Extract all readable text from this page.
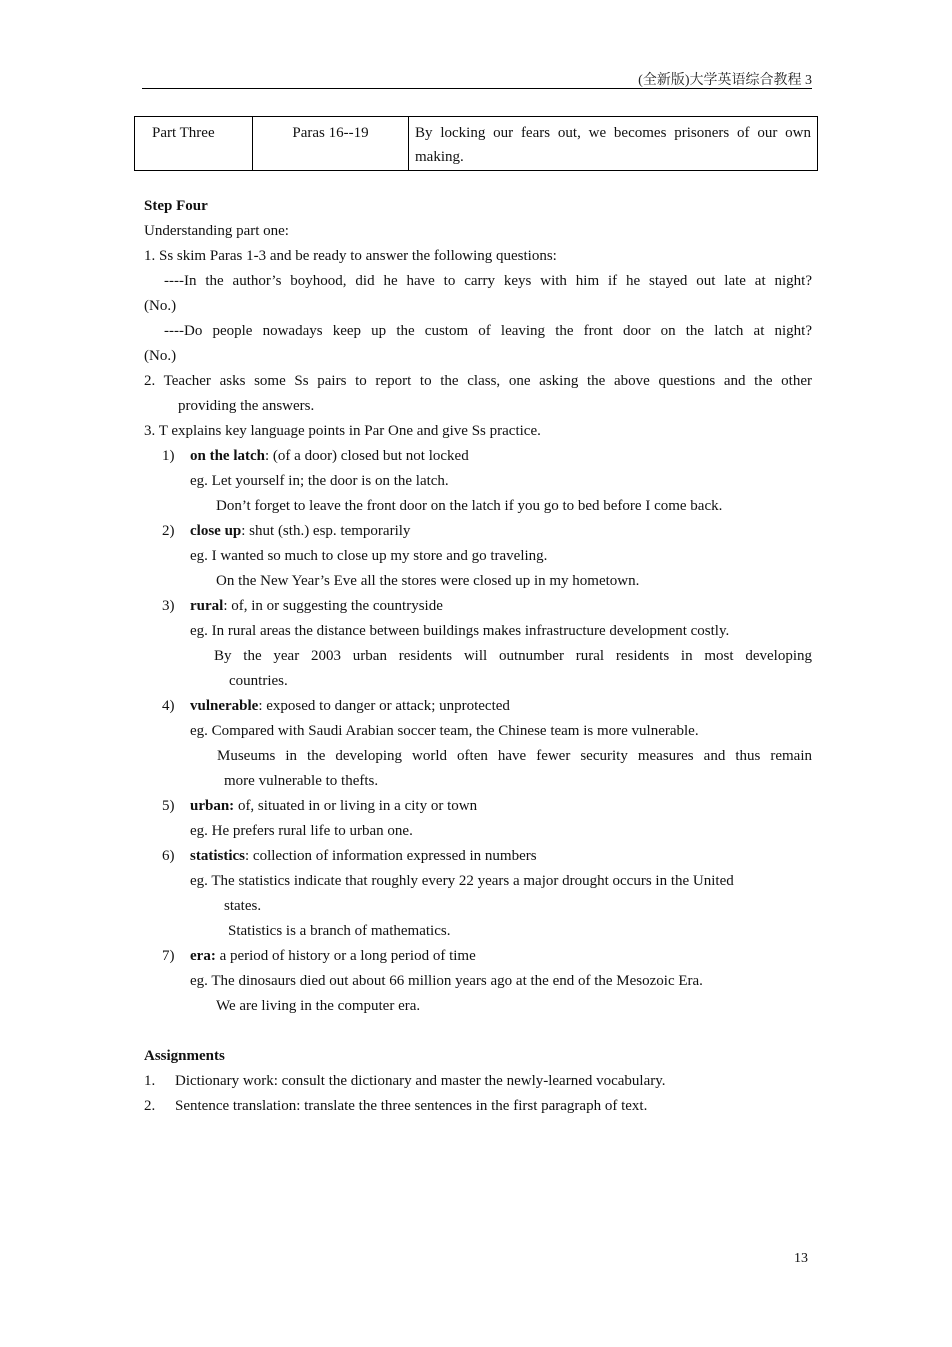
(全新版)大学英语综合教程 3
Part Three	Paras 16--19	By locking our fears out, we becomes prisoners of our own
making.
Step Four
Understanding part one:
1. Ss skim Paras 1-3 and be ready to answer the following questions:
----In the author’s boyhood, did he have to carry keys with him if he stayed out late at night?
(No.)
----Do people nowadays keep up the custom of leaving the front door on the latch at night?
(No.)
2. Teacher asks some Ss pairs to report to the class, one asking the above questions and the other
providing the answers.
3. T explains key language points in Par One and give Ss practice.
1) on the latch: (of a door) closed but not locked
eg. Let yourself in; the door is on the latch.
Don’t forget to leave the front door on the latch if you go to bed before I come back.
2) close up: shut (sth.) esp. temporarily
eg. I wanted so much to close up my store and go traveling.
On the New Year’s Eve all the stores were closed up in my hometown.
3) rural: of, in or suggesting the countryside
eg. In rural areas the distance between buildings makes infrastructure development costly.
By the year 2003 urban residents will outnumber rural residents in most developing
countries.
4) vulnerable: exposed to danger or attack; unprotected
eg. Compared with Saudi Arabian soccer team, the Chinese team is more vulnerable.
Museums in the developing world often have fewer security measures and thus remain
more vulnerable to thefts.
5) urban: of, situated in or living in a city or town
eg. He prefers rural life to urban one.
6) statistics: collection of information expressed in numbers
eg. The statistics indicate that roughly every 22 years a major drought occurs in the United
states.
Statistics is a branch of mathematics.
7) era: a period of history or a long period of time
eg. The dinosaurs died out about 66 million years ago at the end of the Mesozoic Era.
We are living in the computer era.
Assignments
1. Dictionary work: consult the dictionary and master the newly-learned vocabulary.
2. Sentence translation: translate the three sentences in the first paragraph of text.
13
